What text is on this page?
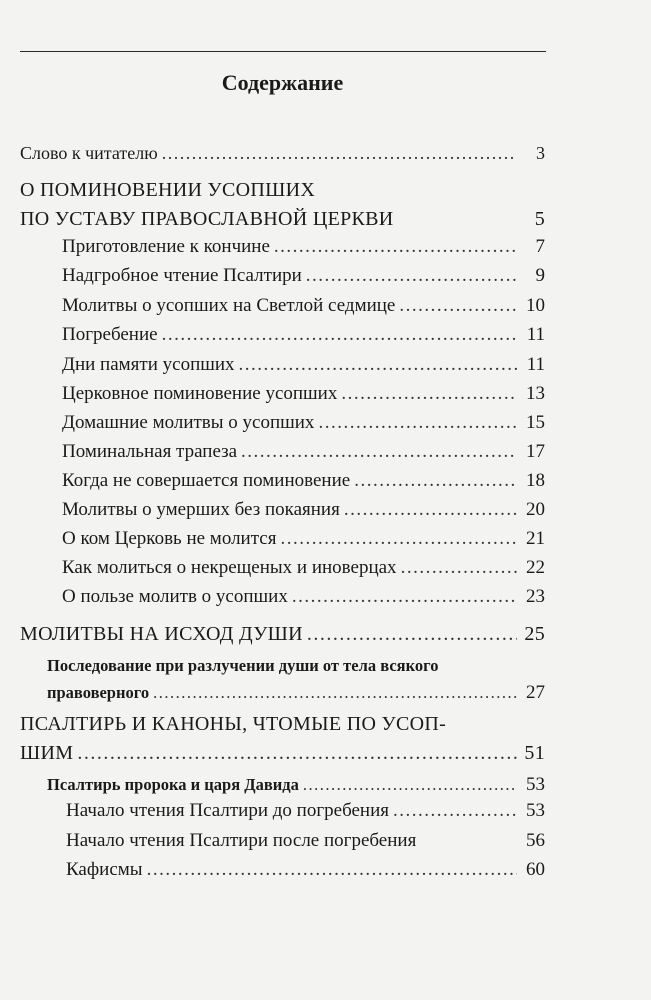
Содержание
Слово к читателю .....	3
О ПОМИНОВЕНИИ УСОПШИХ
ПО УСТАВУ ПРАВОСЛАВНОЙ ЦЕРКВИ	5
Приготовление к кончине .....	7
Надгробное чтение Псалтири .....	9
Молитвы о усопших на Светлой седмице .....	10
Погребение .....	11
Дни памяти усопших .....	11
Церковное поминовение усопших .....	13
Домашние молитвы о усопших .....	15
Поминальная трапеза .....	17
Когда не совершается поминовение .....	18
Молитвы о умерших без покаяния .....	20
О ком Церковь не молится .....	21
Как молиться о некрещеных и иноверцах .....	22
О пользе молитв о усопших .....	23
МОЛИТВЫ НА ИСХОД ДУШИ .....	25
Последование при разлучении души от тела всякого
правоверного .....	27
ПСАЛТИРЬ И КАНОНЫ, ЧТОМЫЕ ПО УСОП-
ШИМ .....	51
Псалтирь пророка и царя Давида .....	53
Начало чтения Псалтири до погребения .....	53
Начало чтения Псалтири после погребения	56
Кафисмы .....	60
